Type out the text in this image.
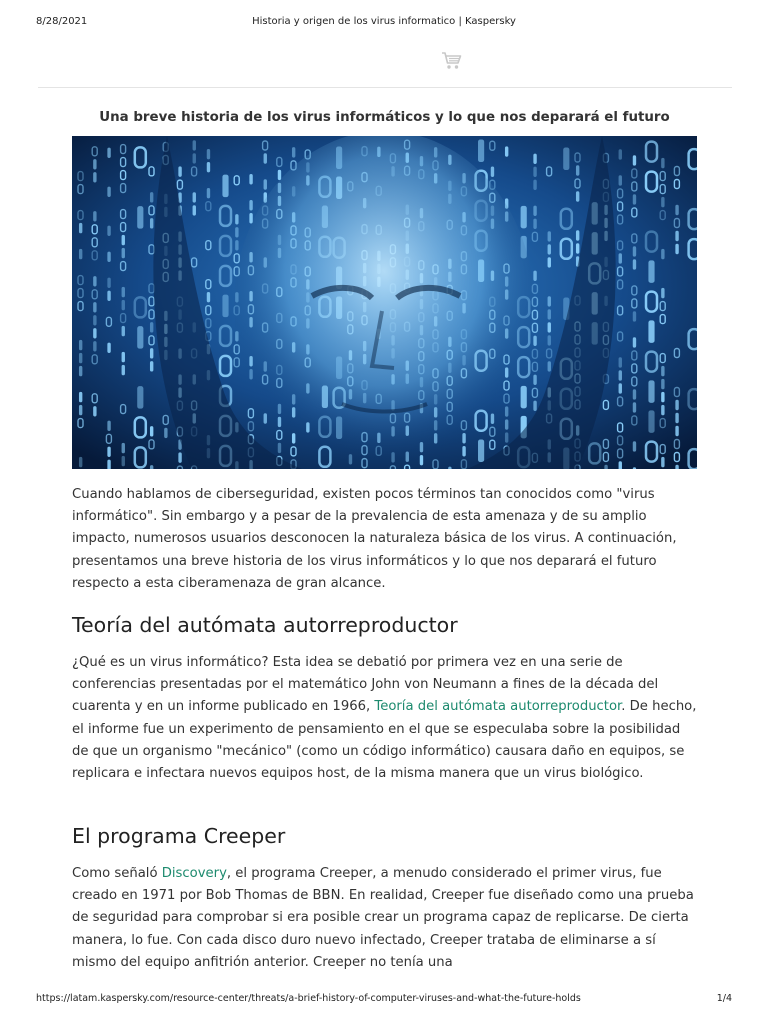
8/28/2021	Historia y origen de los virus informatico | Kaspersky
Una breve historia de los virus informáticos y lo que nos deparará el futuro

Cuando hablamos de ciberseguridad, existen pocos términos tan conocidos como "virus informático". Sin embargo y a pesar de la prevalencia de esta amenaza y de su amplio impacto, numerosos usuarios desconocen la naturaleza básica de los virus. A continuación, presentamos una breve historia de los virus informáticos y lo que nos deparará el futuro respecto a esta ciberamenaza de gran alcance.

Teoría del autómata autorreproductor

¿Qué es un virus informático? Esta idea se debatió por primera vez en una serie de conferencias presentadas por el matemático John von Neumann a fines de la década del cuarenta y en un informe publicado en 1966, Teoría del autómata autorreproductor. De hecho, el informe fue un experimento de pensamiento en el que se especulaba sobre la posibilidad de que un organismo "mecánico" (como un código informático) causara daño en equipos, se replicara e infectara nuevos equipos host, de la misma manera que un virus biológico.

El programa Creeper

Como señaló Discovery, el programa Creeper, a menudo considerado el primer virus, fue creado en 1971 por Bob Thomas de BBN. En realidad, Creeper fue diseñado como una prueba de seguridad para comprobar si era posible crear un programa capaz de replicarse. De cierta manera, lo fue. Con cada disco duro nuevo infectado, Creeper trataba de eliminarse a sí mismo del equipo anfitrión anterior. Creeper no tenía una

https://latam.kaspersky.com/resource-center/threats/a-brief-history-of-computer-viruses-and-what-the-future-holds	1/4
